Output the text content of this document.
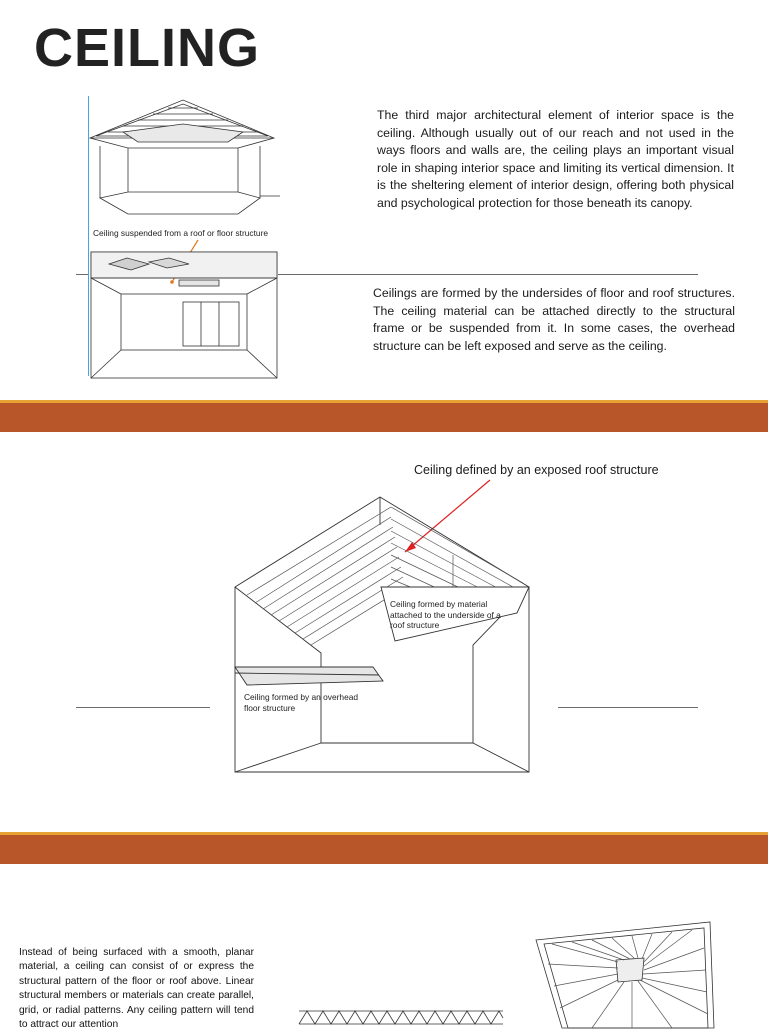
CEILING
Ceiling suspended from a roof or floor structure

The third major architectural element of interior space is the ceiling. Although usually out of our reach and not used in the ways floors and walls are, the ceiling plays an important visual role in shaping interior space and limiting its vertical dimension. It is the sheltering element of interior design, offering both physical and psychological protection for those beneath its canopy.

Ceilings are formed by the undersides of floor and roof structures. The ceiling material can be attached directly to the structural frame or be suspended from it. In some cases, the overhead structure can be left exposed and serve as the ceiling.

Ceiling defined by an exposed roof structure
Ceiling formed by material attached to the underside of a roof structure
Ceiling formed by an overhead floor structure

Instead of being surfaced with a smooth, planar material, a ceiling can consist of or express the structural pattern of the floor or roof above. Linear structural members or materials can create parallel, grid, or radial patterns. Any ceiling pattern will tend to attract our attention
